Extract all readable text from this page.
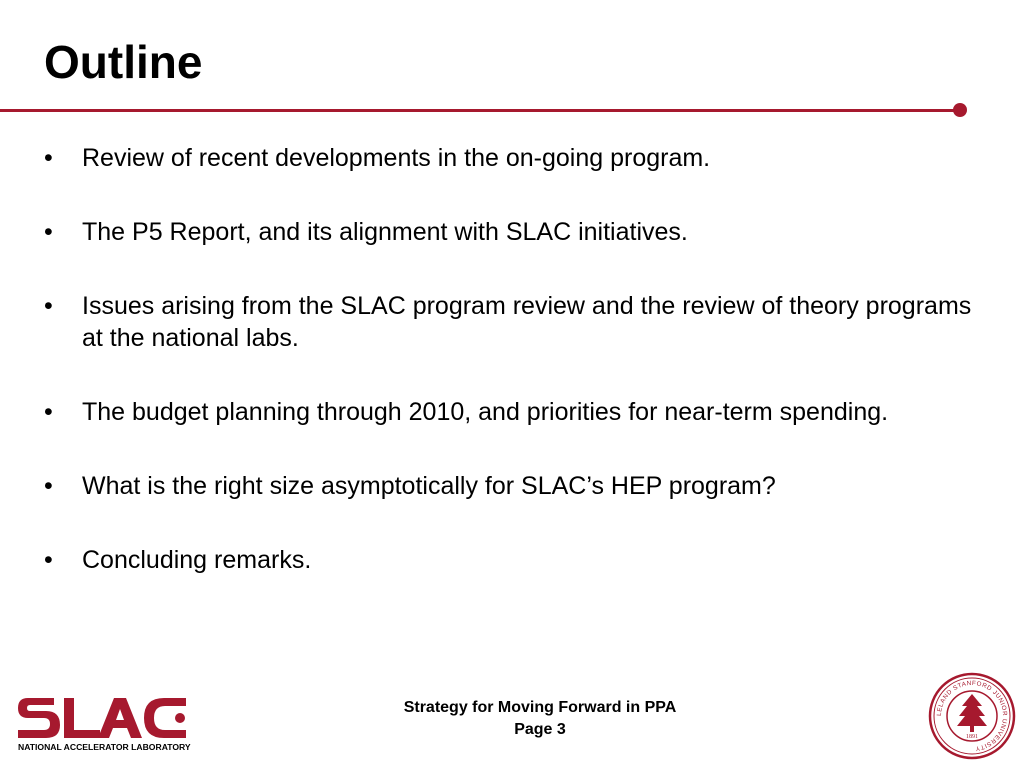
Outline
• Review of recent developments in the on-going program.
• The P5 Report, and its alignment with SLAC initiatives.
• Issues arising from the SLAC program review and the review of theory programs at the national labs.
• The budget planning through 2010, and priorities for near-term spending.
• What is the right size asymptotically for SLAC’s HEP program?
• Concluding remarks.
NATIONAL ACCELERATOR LABORATORY
Strategy for Moving Forward in PPA
Page 3
LELAND STANFORD JUNIOR UNIVERSITY
1891
